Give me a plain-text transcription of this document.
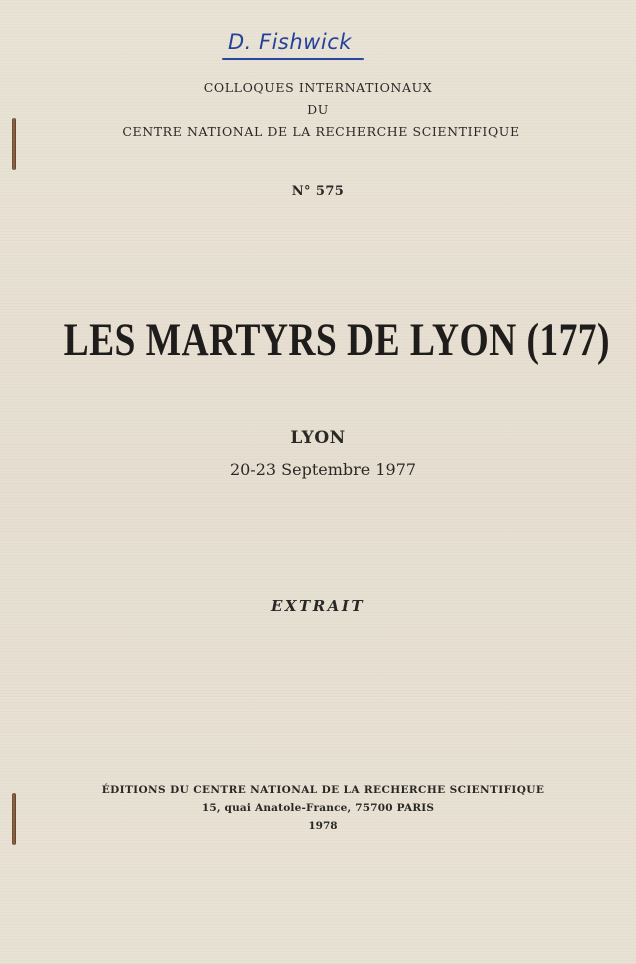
D. Fishwick
COLLOQUES INTERNATIONAUX
DU
CENTRE NATIONAL DE LA RECHERCHE SCIENTIFIQUE
N° 575
LES MARTYRS DE LYON (177)
LYON
20-23 Septembre 1977
EXTRAIT
ÉDITIONS DU CENTRE NATIONAL DE LA RECHERCHE SCIENTIFIQUE
15, quai Anatole-France, 75700 PARIS
1978
